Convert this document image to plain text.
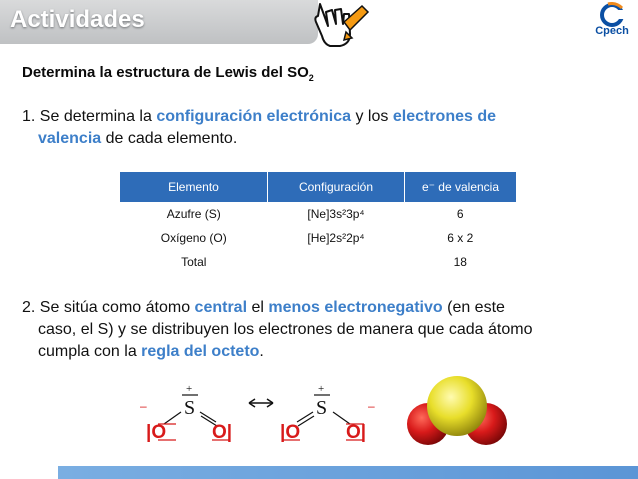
Actividades	Cpech
Determina la estructura de Lewis del $SO_2$
1. Se determina la configuración electrónica y los electrones de
valencia de cada elemento.
Elemento	Configuración	e⁻ de valencia
Azufre (S)	[Ne]3s²3p⁴	6
Oxígeno (O)	[He]2s²2p⁴	6 x 2
Total		18
2. Se sitúa como átomo central el menos electronegativo (en este
caso, el S) y se distribuyen los electrones de manera que cada átomo
cumpla con la regla del octeto.
+
S
–
|O O|
+
S	–
|O O|
